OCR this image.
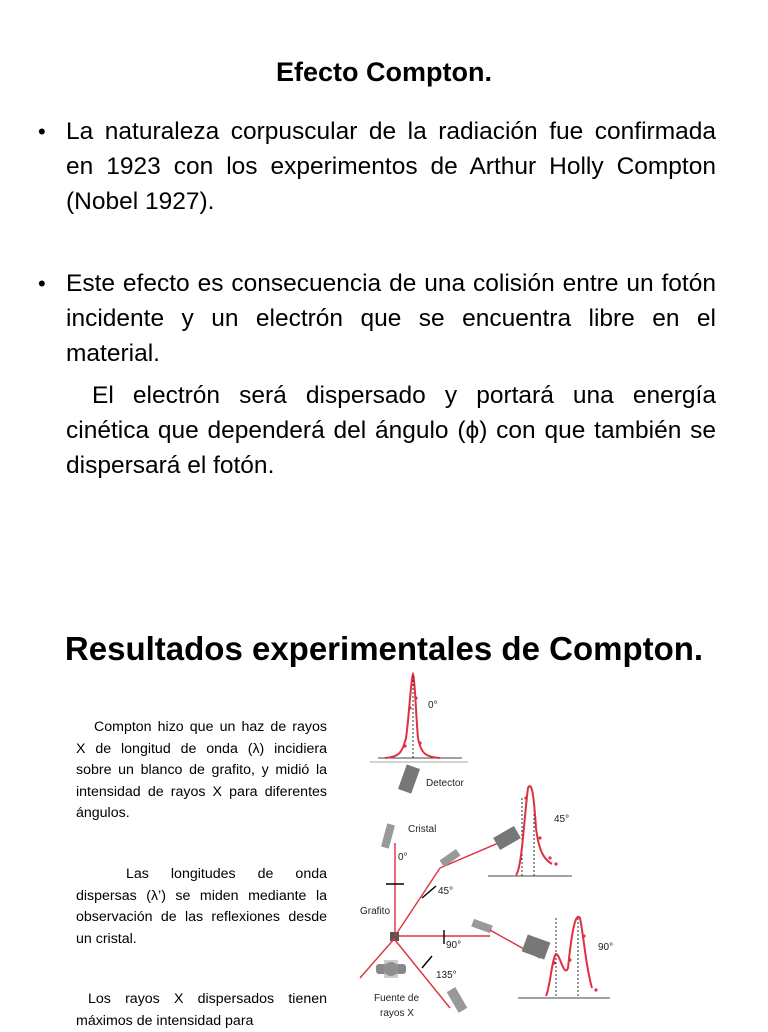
Efecto Compton.

• La naturaleza corpuscular de la radiación fue confirmada en 1923 con los experimentos de Arthur Holly Compton (Nobel 1927).

• Este efecto es consecuencia de una colisión entre un fotón incidente y un electrón que se encuentra libre en el material.

El electrón será dispersado y portará una energía cinética que dependerá del ángulo (ϕ) con que también se dispersará el fotón.

Resultados experimentales de Compton.

Compton hizo que un haz de rayos X de longitud de onda (λ) incidiera sobre un blanco de grafito, y midió la intensidad de rayos X para diferentes ángulos.

Las longitudes de onda dispersas (λ’) se miden mediante la observación de las reflexiones desde un cristal.

Los rayos X dispersados tienen máximos de intensidad para

0°
Detector
Cristal
0°
Grafito
45°
45°
90°	90°
135°
Fuente de
rayos X
